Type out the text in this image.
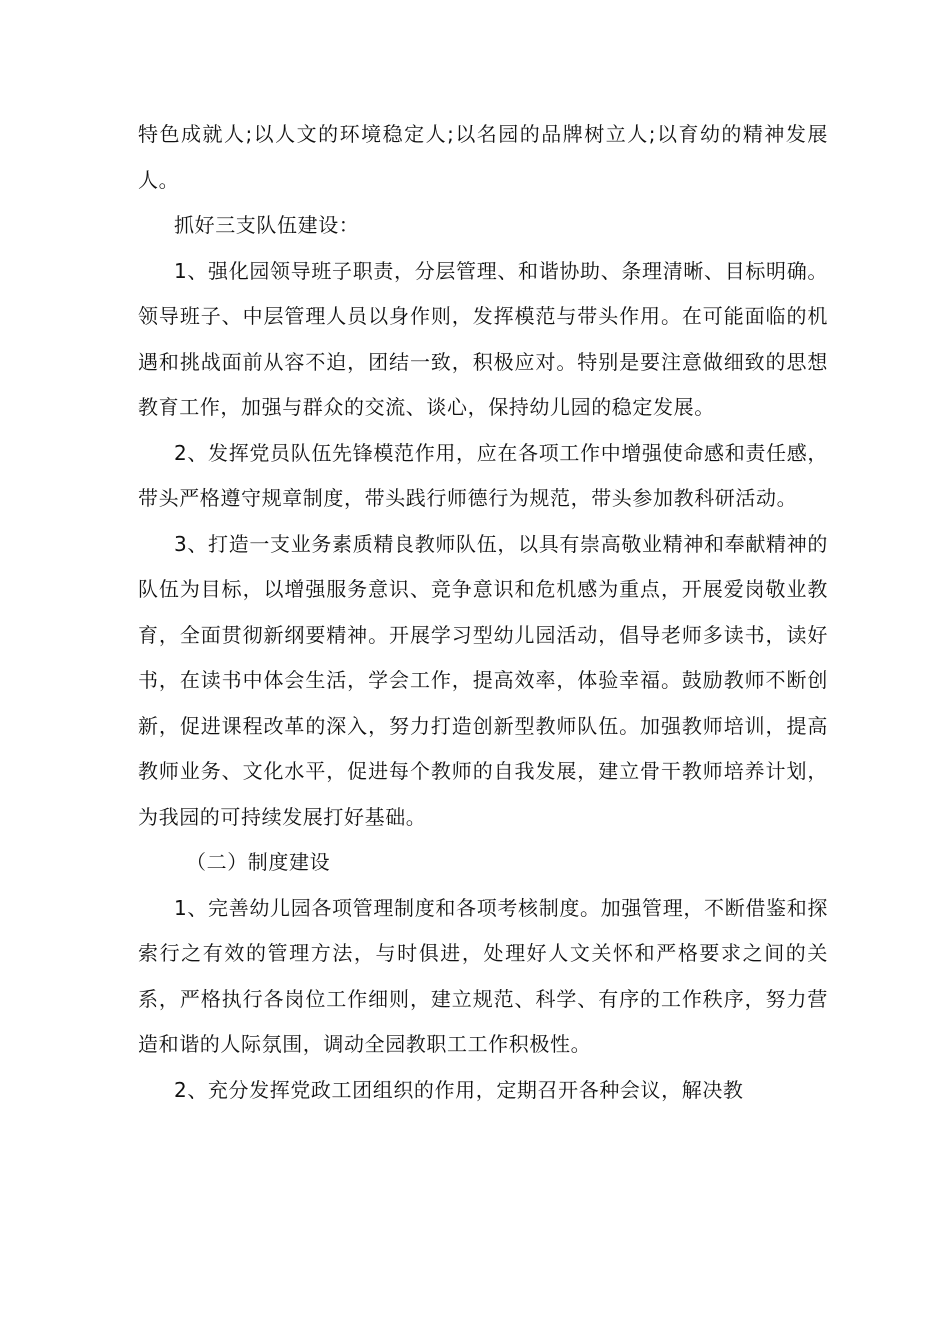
特色成就人;以人文的环境稳定人;以名园的品牌树立人;以育幼的精神发展人。

抓好三支队伍建设：

1、强化园领导班子职责，分层管理、和谐协助、条理清晰、目标明确。领导班子、中层管理人员以身作则，发挥模范与带头作用。在可能面临的机遇和挑战面前从容不迫，团结一致，积极应对。特别是要注意做细致的思想教育工作，加强与群众的交流、谈心，保持幼儿园的稳定发展。

2、发挥党员队伍先锋模范作用，应在各项工作中增强使命感和责任感，带头严格遵守规章制度，带头践行师德行为规范，带头参加教科研活动。

3、打造一支业务素质精良教师队伍，以具有崇高敬业精神和奉献精神的队伍为目标，以增强服务意识、竞争意识和危机感为重点，开展爱岗敬业教育，全面贯彻新纲要精神。开展学习型幼儿园活动，倡导老师多读书，读好书，在读书中体会生活，学会工作，提高效率，体验幸福。鼓励教师不断创新，促进课程改革的深入，努力打造创新型教师队伍。加强教师培训，提高教师业务、文化水平，促进每个教师的自我发展，建立骨干教师培养计划，为我园的可持续发展打好基础。

（二）制度建设

1、完善幼儿园各项管理制度和各项考核制度。加强管理，不断借鉴和探索行之有效的管理方法，与时俱进，处理好人文关怀和严格要求之间的关系，严格执行各岗位工作细则，建立规范、科学、有序的工作秩序，努力营造和谐的人际氛围，调动全园教职工工作积极性。

2、充分发挥党政工团组织的作用，定期召开各种会议，解决教
